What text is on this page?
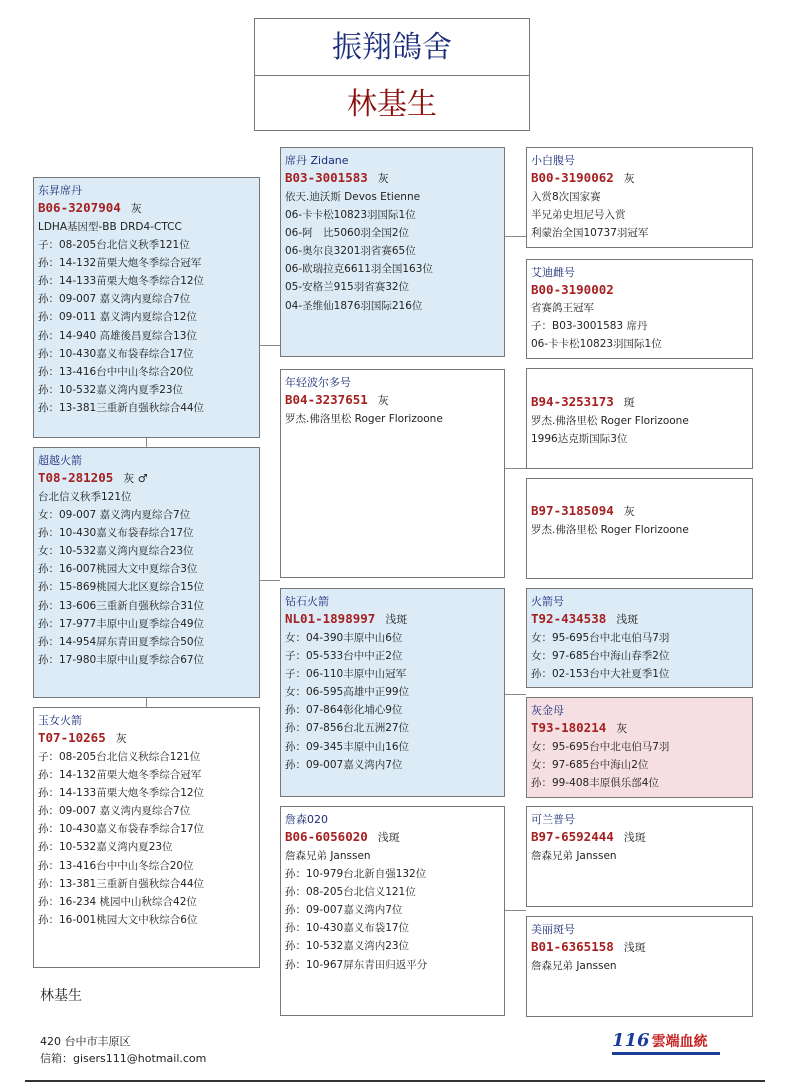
振翔鴿舍
林基生
东昇席丹
B06-3207904 灰
LDHA基因型-BB DRD4-CTCC
子：08-205台北信义秋季121位
孙：14-132苗栗大炮冬季综合冠军
孙：14-133苗栗大炮冬季综合12位
孙：09-007 嘉义湾内夏综合7位
孙：09-011 嘉义湾内夏综合12位
孙：14-940 高雄後昌夏综合13位
孙：10-430嘉义布袋春综合17位
孙：13-416台中中山冬综合20位
孙：10-532嘉义湾内夏季23位
孙：13-381三重新自强秋综合44位
超越火箭
T08-281205 灰 ♂
台北信义秋季121位
女：09-007 嘉义湾内夏综合7位
孙：10-430嘉义布袋春综合17位
女：10-532嘉义湾内夏综合23位
孙：16-007桃园大文中夏综合3位
孙：15-869桃园大北区夏综合15位
孙：13-606三重新自强秋综合31位
孙：17-977丰原中山夏季综合49位
孙：14-954屏东青田夏季综合50位
孙：17-980丰原中山夏季综合67位
玉女火箭
T07-10265 灰
子：08-205台北信义秋综合121位
孙：14-132苗栗大炮冬季综合冠军
孙：14-133苗栗大炮冬季综合12位
孙：09-007 嘉义湾内夏综合7位
孙：10-430嘉义布袋春季综合17位
孙：10-532嘉义湾内夏23位
孙：13-416台中中山冬综合20位
孙：13-381三重新自强秋综合44位
孙：16-234 桃园中山秋综合42位
孙：16-001桃园大文中秋综合6位
席丹 Zidane
B03-3001583 灰
依天.迪沃斯 Devos Etienne
06-卡卡松10823羽国际1位
06-阿　比5060羽全国2位
06-奥尔良3201羽省赛65位
06-欧瑞拉克6611羽全国163位
05-安格兰915羽省赛32位
04-圣维仙1876羽国际216位
年轻波尔多号
B04-3237651 灰
罗杰.佛洛里松 Roger Florizoone
钻石火箭
NL01-1898997 浅斑
女：04-390丰原中山6位
子：05-533台中中正2位
子：06-110丰原中山冠军
女：06-595高雄中正99位
孙：07-864彰化埔心9位
孙：07-856台北五洲27位
孙：09-345丰原中山16位
孙：09-007嘉义湾内7位
詹森020
B06-6056020 浅斑
詹森兄弟 Janssen
孙：10-979台北新自强132位
孙：08-205台北信义121位
孙：09-007嘉义湾内7位
孙：10-430嘉义布袋17位
孙：10-532嘉义湾内23位
孙：10-967屏东青田归返平分
小白腹号
B00-3190062 灰
入赏8次国家赛
半兄弟史坦尼号入赏
利蒙治全国10737羽冠军
艾迪雌号
B00-3190002
省赛鸽王冠军
子：B03-3001583 席丹
06-卡卡松10823羽国际1位
B94-3253173 斑
罗杰.佛洛里松 Roger Florizoone
1996达克斯国际3位
B97-3185094 灰
罗杰.佛洛里松 Roger Florizoone
火箭号
T92-434538 浅斑
女：95-695台中北屯伯马7羽
女：97-685台中海山春季2位
孙：02-153台中大社夏季1位
灰金母
T93-180214 灰
女：95-695台中北屯伯马7羽
女：97-685台中海山2位
孙：99-408丰原俱乐部4位
可兰普号
B97-6592444 浅斑
詹森兄弟 Janssen
美丽斑号
B01-6365158 浅斑
詹森兄弟 Janssen
林基生
420 台中市丰原区
信箱：gisers111@hotmail.com
116 雲端血統
